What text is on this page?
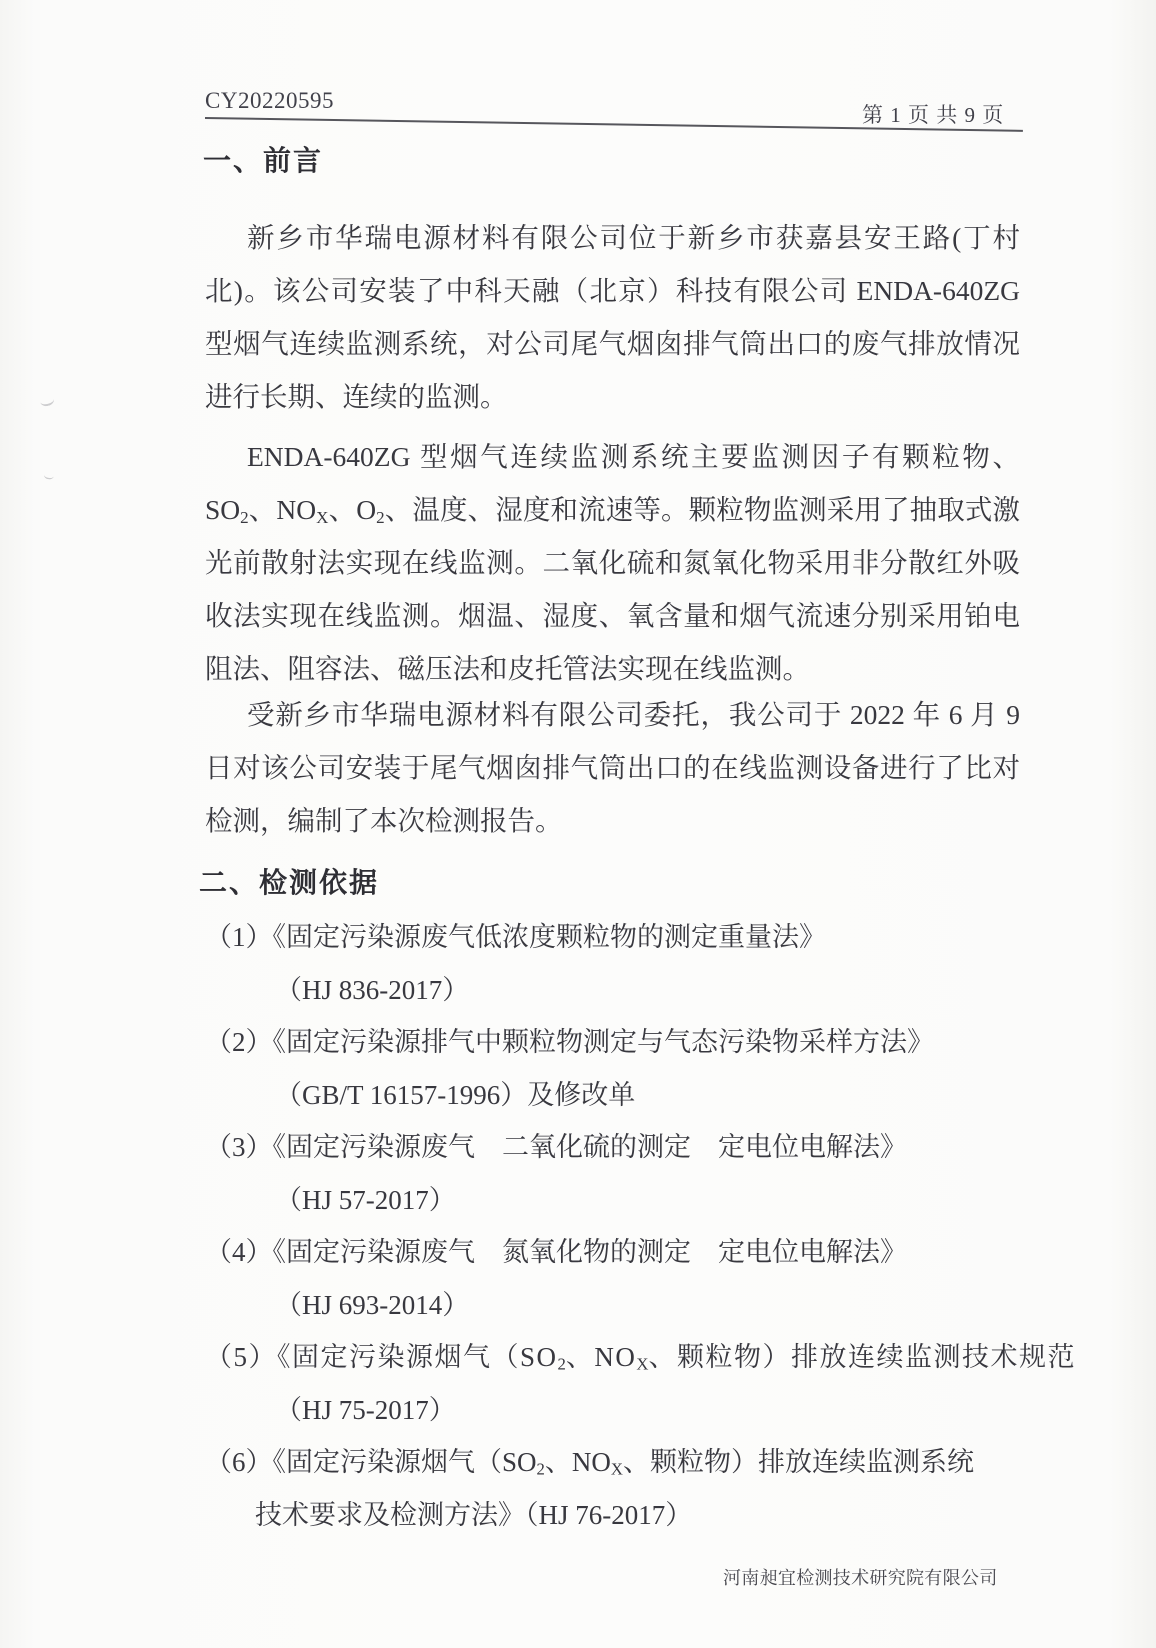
CY20220595
第 1 页 共 9 页
一、前言
新乡市华瑞电源材料有限公司位于新乡市获嘉县安王路(丁村
北)。该公司安装了中科天融（北京）科技有限公司 ENDA-640ZG
型烟气连续监测系统，对公司尾气烟囱排气筒出口的废气排放情况
进行长期、连续的监测。
ENDA-640ZG 型烟气连续监测系统主要监测因子有颗粒物、
$SO_2$、$NO_X$、$O_2$、温度、湿度和流速等。颗粒物监测采用了抽取式激
光前散射法实现在线监测。二氧化硫和氮氧化物采用非分散红外吸
收法实现在线监测。烟温、湿度、氧含量和烟气流速分别采用铂电
阻法、阻容法、磁压法和皮托管法实现在线监测。
受新乡市华瑞电源材料有限公司委托，我公司于 2022 年 6 月 9
日对该公司安装于尾气烟囱排气筒出口的在线监测设备进行了比对
检测，编制了本次检测报告。
二、检测依据
（1）《固定污染源废气低浓度颗粒物的测定重量法》
（HJ 836-2017）
（2）《固定污染源排气中颗粒物测定与气态污染物采样方法》
（GB/T 16157-1996）及修改单
（3）《固定污染源废气　二氧化硫的测定　定电位电解法》
（HJ 57-2017）
（4）《固定污染源废气　氮氧化物的测定　定电位电解法》
（HJ 693-2014）
（5）《固定污染源烟气（$SO_2$、$NO_X$、颗粒物）排放连续监测技术规范
（HJ 75-2017）
（6）《固定污染源烟气（$SO_2$、$NO_X$、颗粒物）排放连续监测系统
技术要求及检测方法》（HJ 76-2017）
河南昶宜检测技术研究院有限公司
